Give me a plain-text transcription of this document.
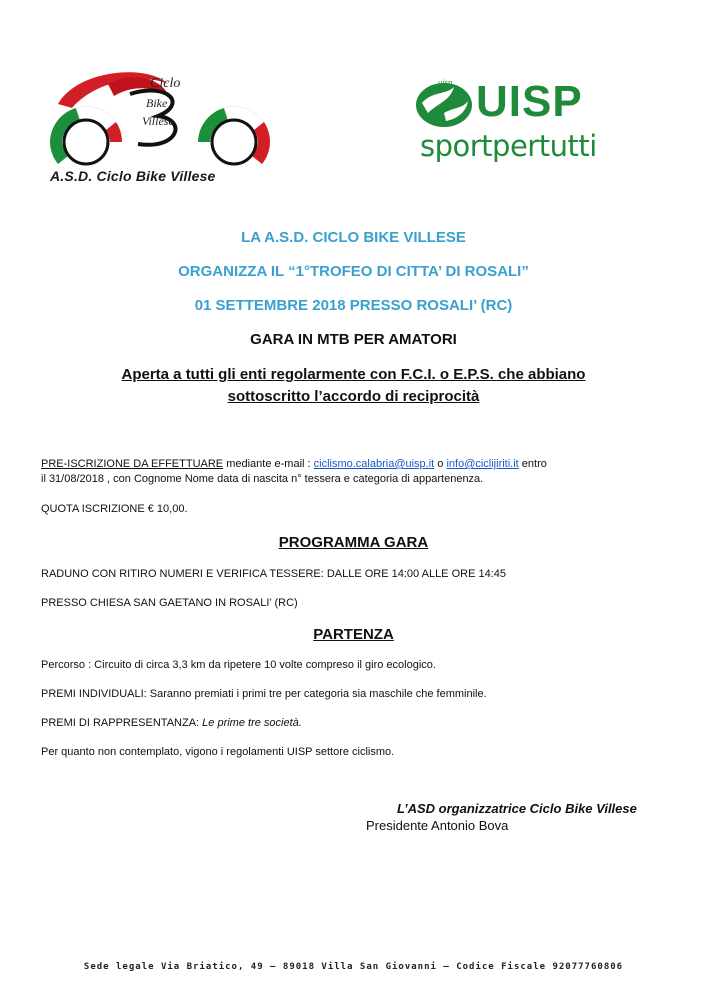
Ciclo
Bike
Villese
A.S.D. Ciclo Bike Villese
uisp UISP
sportpertutti
LA A.S.D. CICLO BIKE VILLESE
ORGANIZZA IL “1°TROFEO DI CITTA’ DI ROSALI”
01 SETTEMBRE 2018 PRESSO ROSALI’ (RC)
GARA IN MTB PER AMATORI
Aperta a tutti gli enti regolarmente con F.C.I. o E.P.S. che abbiano
sottoscritto l’accordo di reciprocità
PRE-ISCRIZIONE DA EFFETTUARE mediante e-mail : ciclismo.calabria@uisp.it o info@ciclijiriti.it entro
il 31/08/2018 , con Cognome Nome data di nascita n° tessera e categoria di appartenenza.
QUOTA ISCRIZIONE € 10,00.
PROGRAMMA GARA
RADUNO CON RITIRO NUMERI E VERIFICA TESSERE: DALLE ORE 14:00 ALLE ORE 14:45
PRESSO CHIESA SAN GAETANO IN ROSALI’ (RC)
PARTENZA
Percorso : Circuito di circa 3,3 km da ripetere 10 volte compreso il giro ecologico.
PREMI INDIVIDUALI: Saranno premiati i primi tre per categoria sia maschile che femminile.
PREMI DI RAPPRESENTANZA: Le prime tre società.
Per quanto non contemplato, vigono i regolamenti UISP settore ciclismo.
L’ASD organizzatrice Ciclo Bike Villese
Presidente Antonio Bova
Sede legale Via Briatico, 49 – 89018 Villa San Giovanni – Codice Fiscale 92077760806
